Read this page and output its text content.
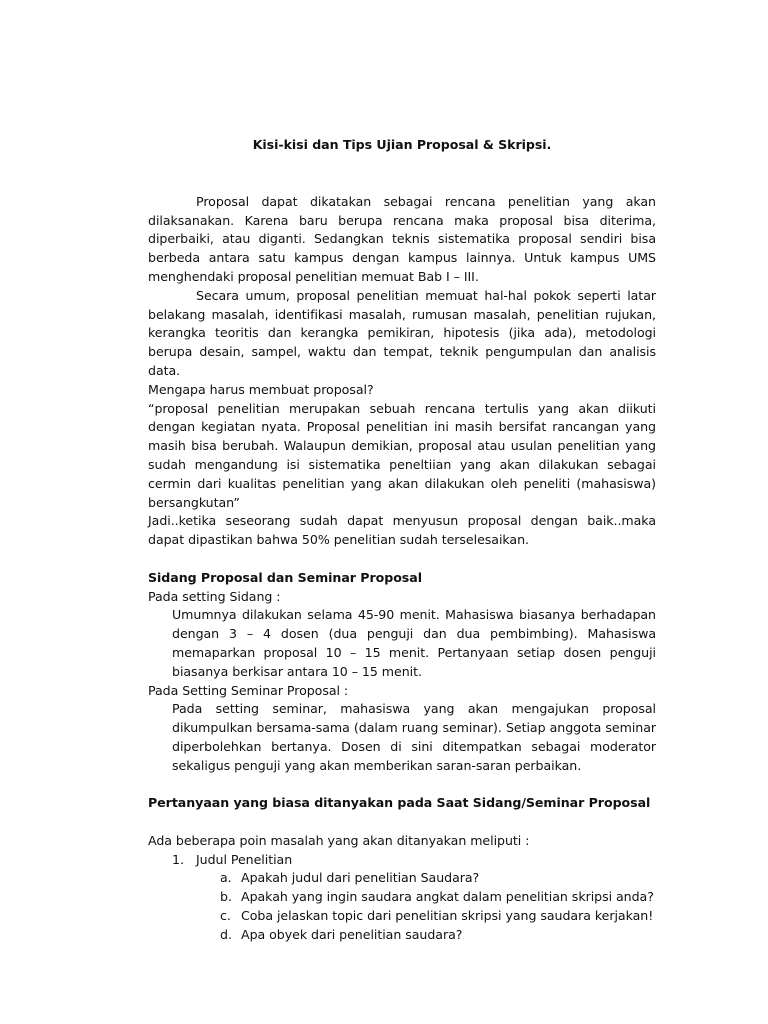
Kisi-kisi dan Tips Ujian Proposal & Skripsi.

Proposal dapat dikatakan sebagai rencana penelitian yang akan dilaksanakan. Karena baru berupa rencana maka proposal bisa diterima, diperbaiki, atau diganti. Sedangkan teknis sistematika proposal sendiri bisa berbeda antara satu kampus dengan kampus lainnya. Untuk kampus UMS menghendaki proposal penelitian memuat Bab I – III.

Secara umum, proposal penelitian memuat hal-hal pokok seperti latar belakang masalah, identifikasi masalah, rumusan masalah, penelitian rujukan, kerangka teoritis dan kerangka pemikiran, hipotesis (jika ada), metodologi berupa desain, sampel, waktu dan tempat, teknik pengumpulan dan analisis data.

Mengapa harus membuat proposal?

“proposal penelitian merupakan sebuah rencana tertulis yang akan diikuti dengan kegiatan nyata. Proposal penelitian ini masih bersifat rancangan yang masih bisa berubah. Walaupun demikian, proposal atau usulan penelitian yang sudah mengandung isi sistematika peneltiian yang akan dilakukan sebagai cermin dari kualitas penelitian yang akan dilakukan oleh peneliti (mahasiswa) bersangkutan”

Jadi..ketika seseorang sudah dapat menyusun proposal dengan baik..maka dapat dipastikan bahwa 50% penelitian sudah terselesaikan.

Sidang Proposal dan Seminar Proposal

Pada setting Sidang :

Umumnya dilakukan selama 45-90 menit. Mahasiswa biasanya berhadapan dengan 3 – 4 dosen (dua penguji dan dua pembimbing). Mahasiswa memaparkan proposal 10 – 15 menit. Pertanyaan setiap dosen penguji biasanya berkisar antara 10 – 15 menit.

Pada Setting Seminar Proposal :

Pada setting seminar, mahasiswa yang akan mengajukan proposal dikumpulkan bersama-sama (dalam ruang seminar). Setiap anggota seminar diperbolehkan bertanya. Dosen di sini ditempatkan sebagai moderator sekaligus penguji yang akan memberikan saran-saran perbaikan.

Pertanyaan yang biasa ditanyakan pada Saat Sidang/Seminar Proposal

Ada beberapa poin masalah yang akan ditanyakan meliputi :

1. Judul Penelitian
a. Apakah judul dari penelitian Saudara?
b. Apakah yang ingin saudara angkat dalam penelitian skripsi anda?
c. Coba jelaskan topic dari penelitian skripsi yang saudara kerjakan!
d. Apa obyek dari penelitian saudara?
